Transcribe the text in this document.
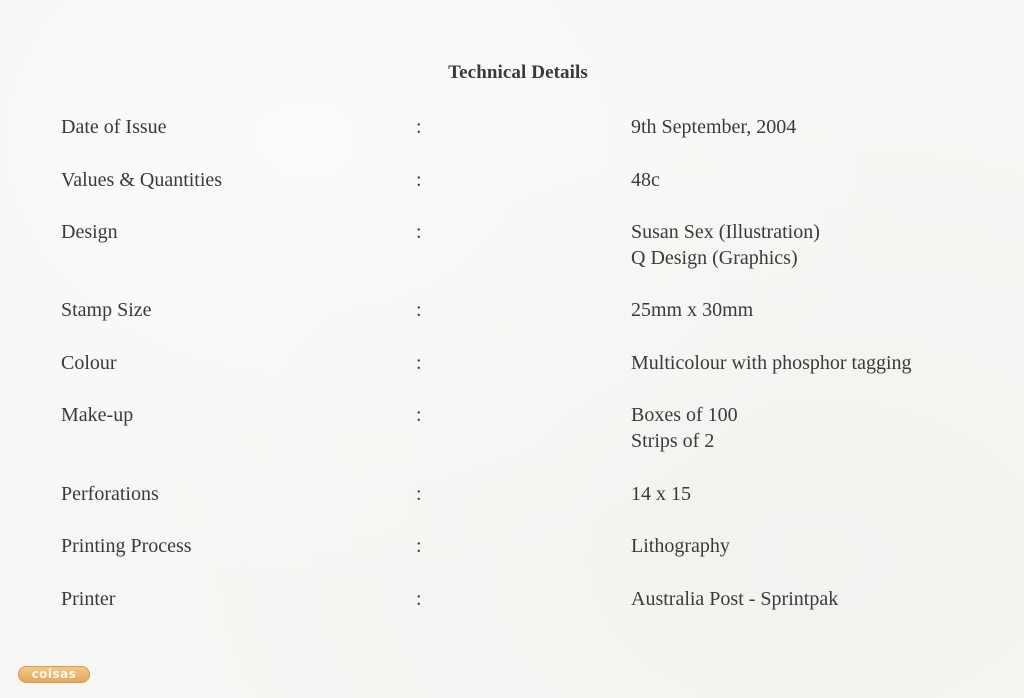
Technical Details
Date of Issue	:	9th September, 2004
Values & Quantities	:	48c
Design	:	Susan Sex (Illustration)
Q Design (Graphics)
Stamp Size	:	25mm x 30mm
Colour	:	Multicolour with phosphor tagging
Make-up	:	Boxes of 100
Strips of 2
Perforations	:	14 x 15
Printing Process	:	Lithography
Printer	:	Australia Post - Sprintpak
coisas
